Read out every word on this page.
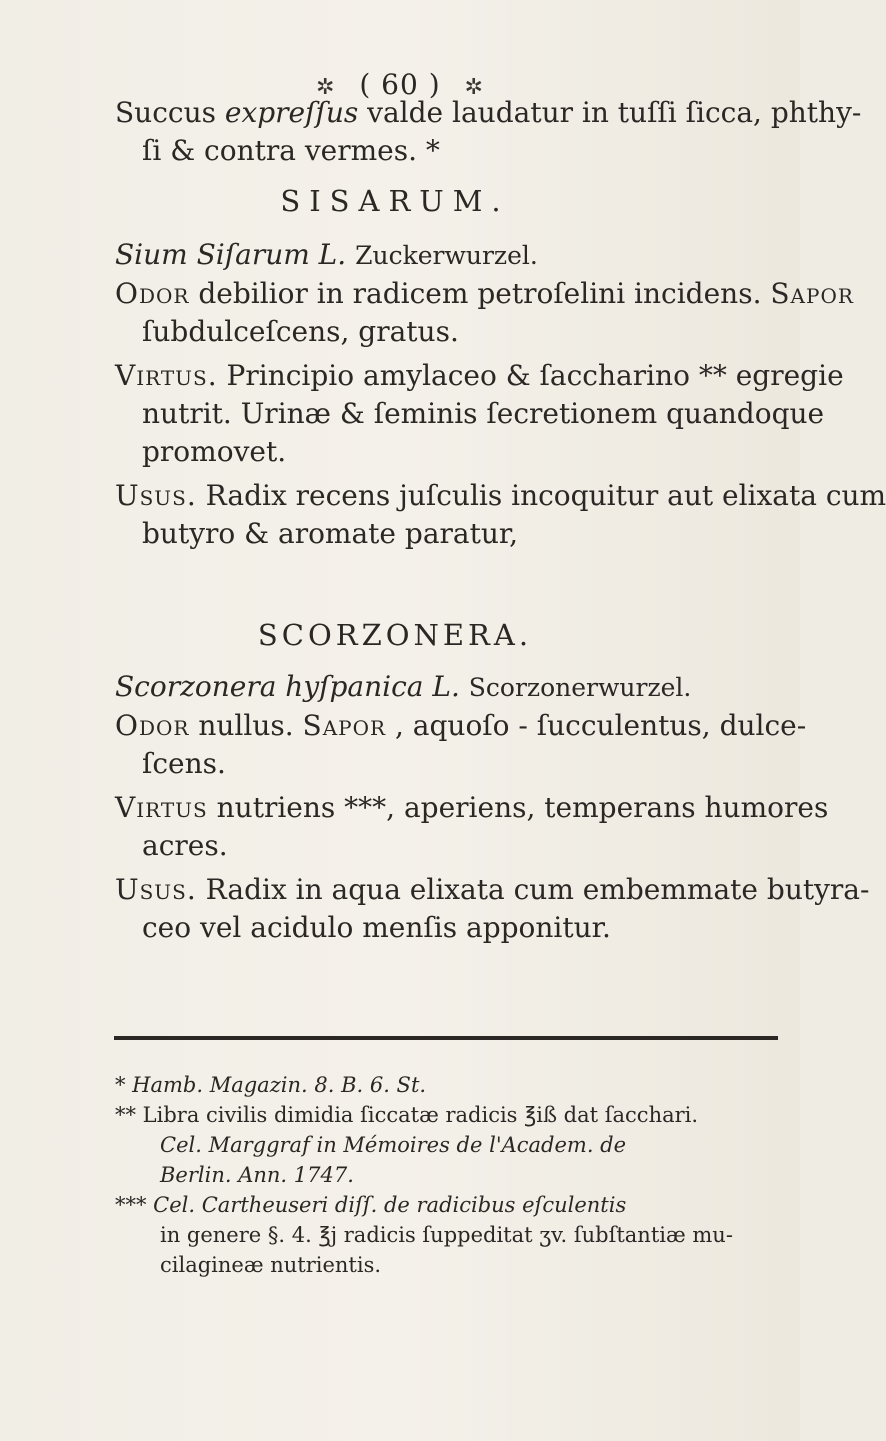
✲ ( 60 ) ✲
Succus expreſſus valde laudatur in tuſſi ſicca, phthy-
ſi & contra vermes. *
SISARUM.
Sium Siſarum L. Zuckerwurzel.
Odor debilior in radicem petroſelini incidens. Sapor
ſubdulceſcens, gratus.
Virtus. Principio amylaceo & ſaccharino ** egregie
nutrit. Urinæ & ſeminis ſecretionem quandoque
promovet.
Usus. Radix recens juſculis incoquitur aut elixata cum
butyro & aromate paratur,
SCORZONERA.
Scorzonera hyſpanica L. Scorzonerwurzel.
Odor nullus. Sapor , aquoſo - ſucculentus, dulce-
ſcens.
Virtus nutriens ***, aperiens, temperans humores
acres.
Usus. Radix in aqua elixata cum embemmate butyra-
ceo vel acidulo menſis apponitur.
* Hamb. Magazin. 8. B. 6. St.
** Libra civilis dimidia ſiccatæ radicis ℥iß dat ſacchari.
Cel. Marggraf in Mémoires de l'Academ. de
Berlin. Ann. 1747.
*** Cel. Cartheuseri diſſ. de radicibus eſculentis
in genere §. 4. ℥j radicis ſuppeditat ʒv. ſubſtantiæ mu-
cilagineæ nutrientis.
